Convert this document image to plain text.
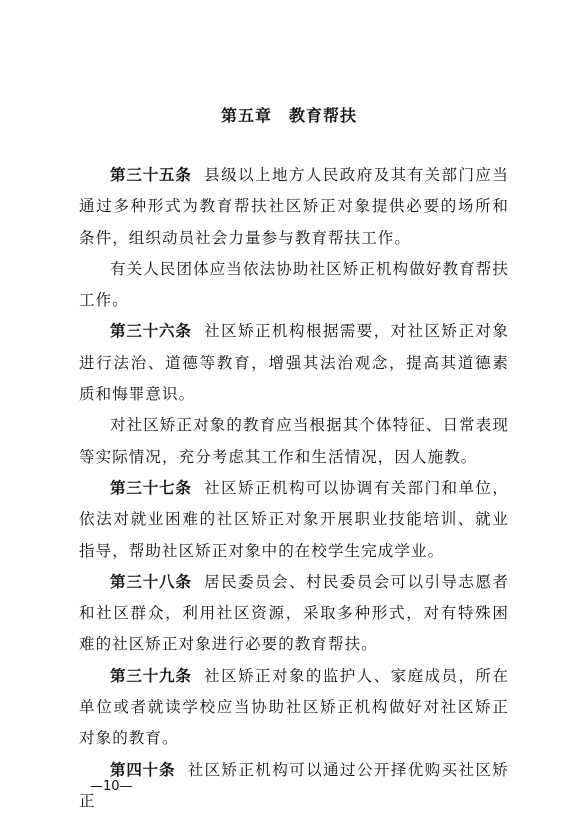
第五章　教育帮扶

第三十五条 县级以上地方人民政府及其有关部门应当通过多种形式为教育帮扶社区矫正对象提供必要的场所和条件，组织动员社会力量参与教育帮扶工作。

有关人民团体应当依法协助社区矫正机构做好教育帮扶工作。

第三十六条 社区矫正机构根据需要，对社区矫正对象进行法治、道德等教育，增强其法治观念，提高其道德素质和悔罪意识。

对社区矫正对象的教育应当根据其个体特征、日常表现等实际情况，充分考虑其工作和生活情况，因人施教。

第三十七条 社区矫正机构可以协调有关部门和单位，依法对就业困难的社区矫正对象开展职业技能培训、就业指导，帮助社区矫正对象中的在校学生完成学业。

第三十八条 居民委员会、村民委员会可以引导志愿者和社区群众，利用社区资源，采取多种形式，对有特殊困难的社区矫正对象进行必要的教育帮扶。

第三十九条 社区矫正对象的监护人、家庭成员，所在单位或者就读学校应当协助社区矫正机构做好对社区矫正对象的教育。

第四十条 社区矫正机构可以通过公开择优购买社区矫正

—10—
